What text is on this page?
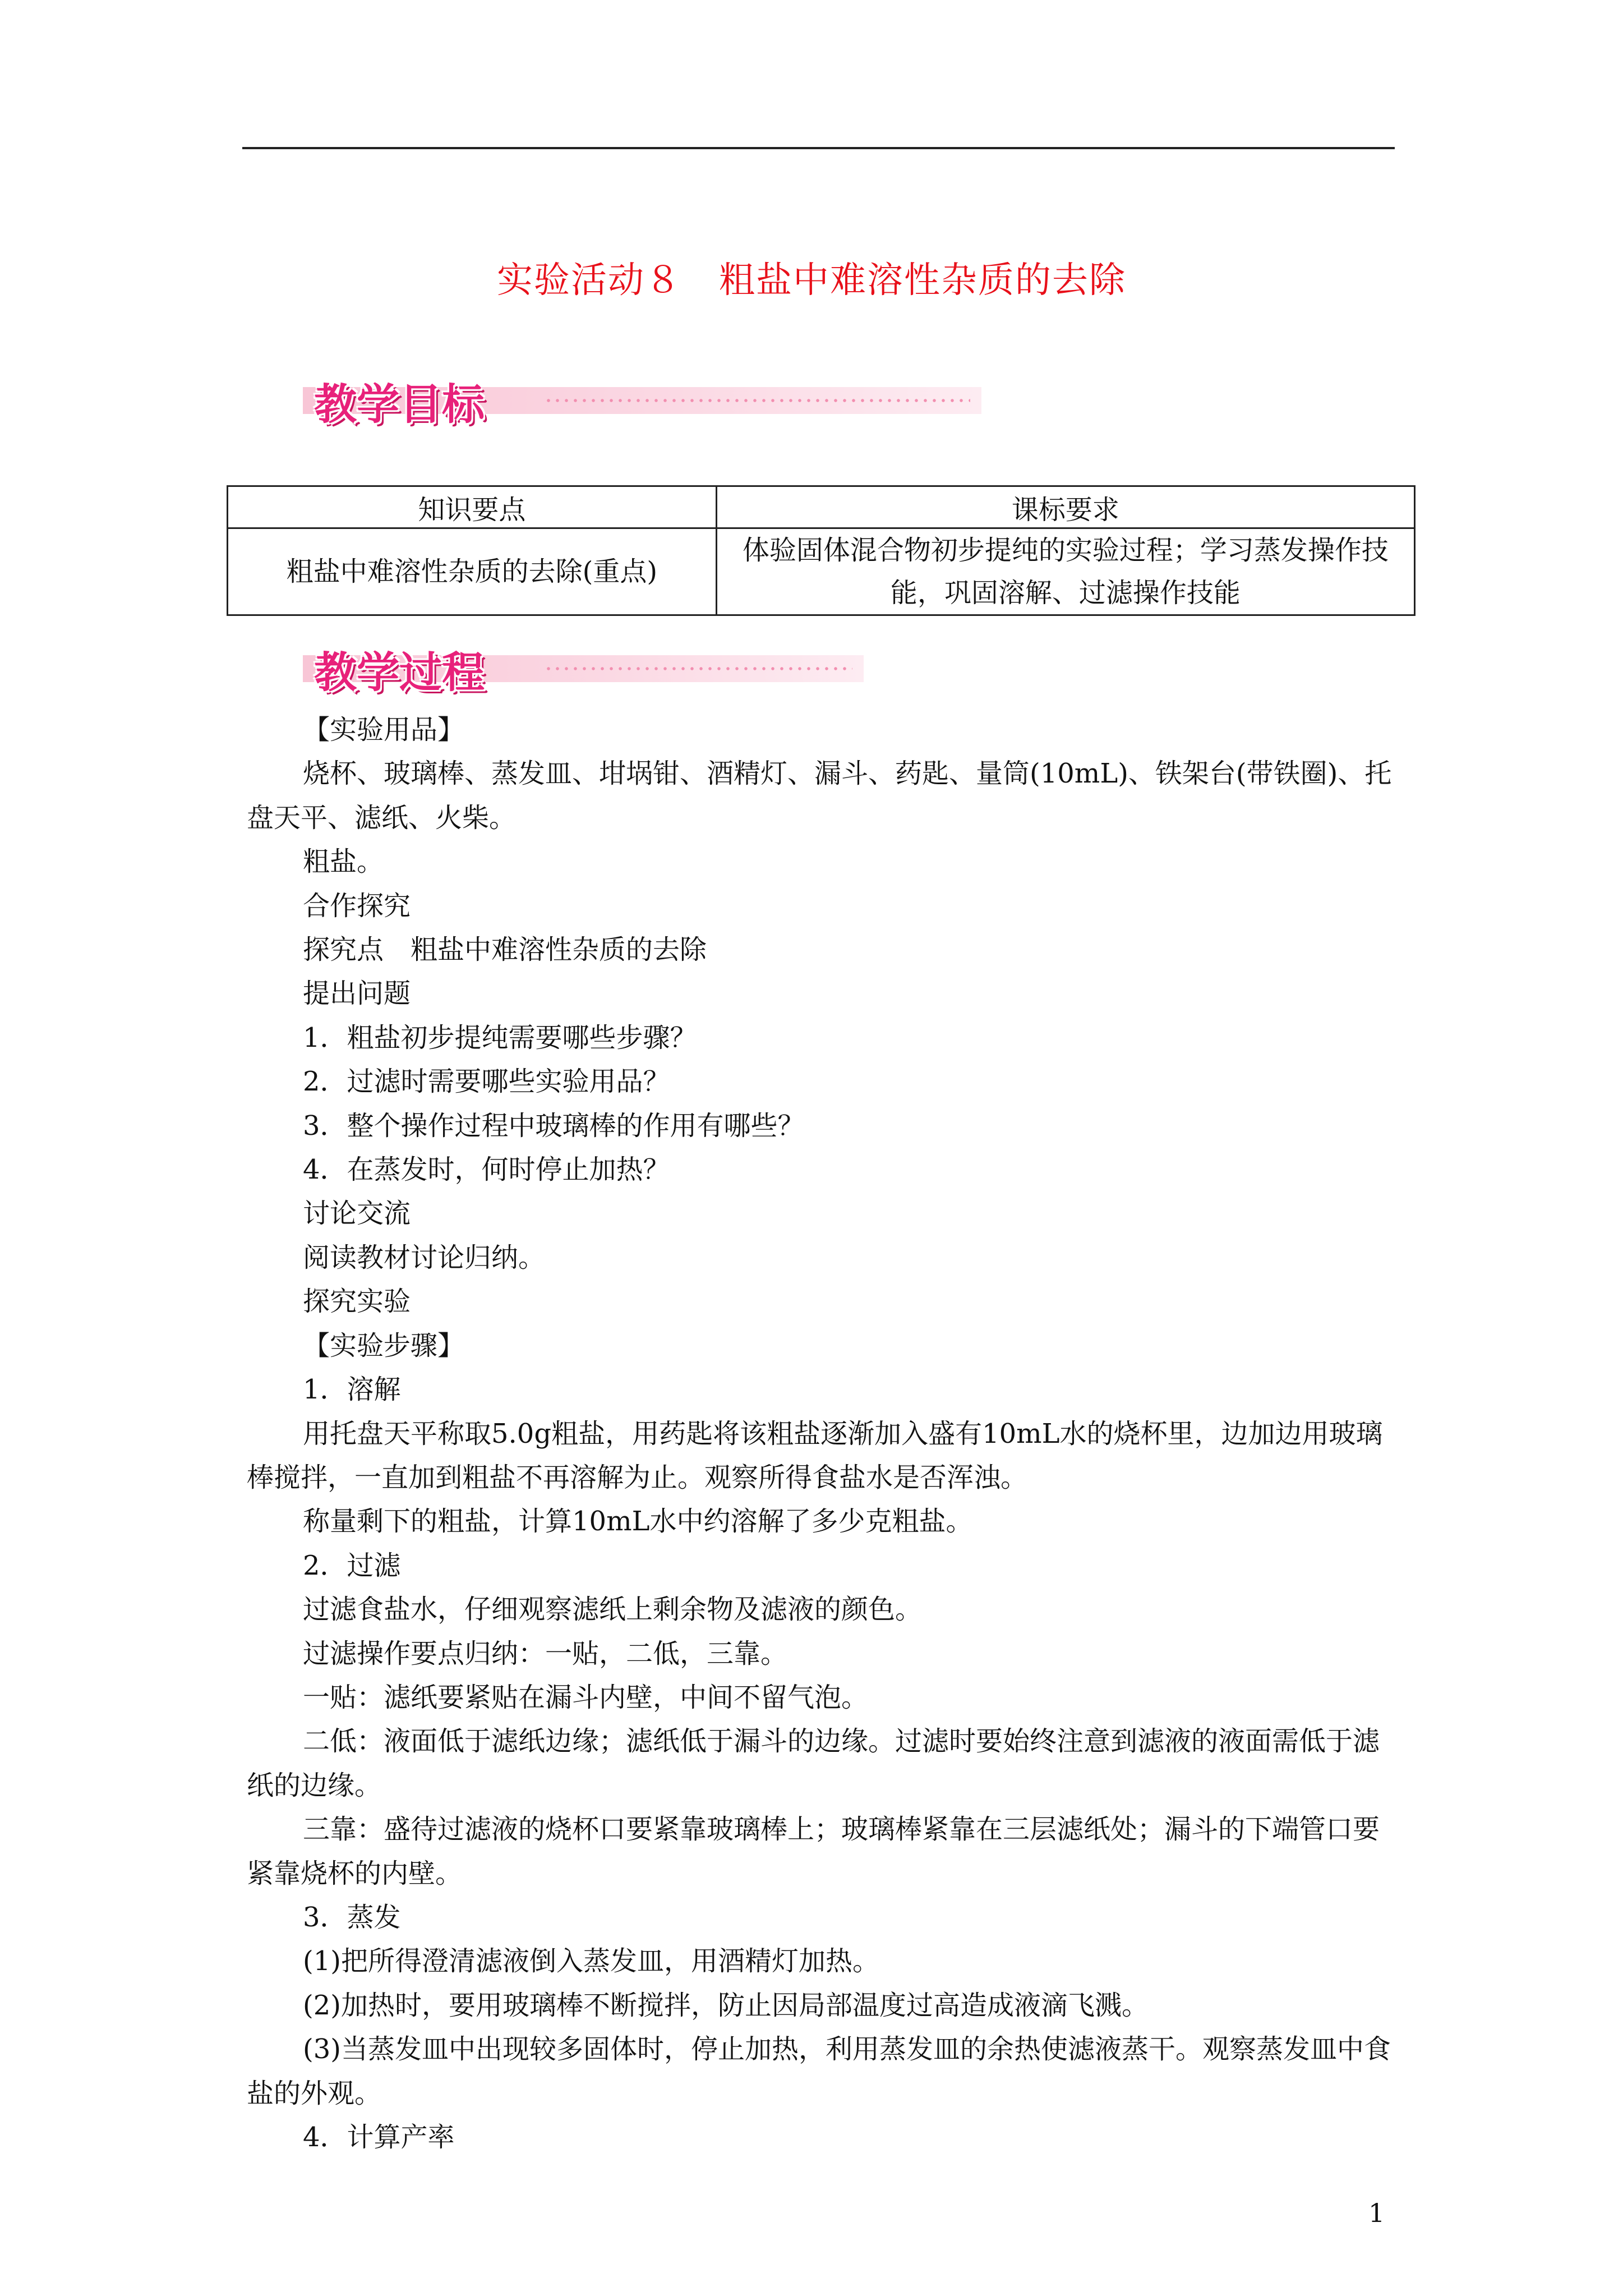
实验活动８　粗盐中难溶性杂质的去除
教学目标
知识要点	课标要求
粗盐中难溶性杂质的去除(重点)	体验固体混合物初步提纯的实验过程；学习蒸发操作技能，巩固溶解、过滤操作技能
教学过程

【实验用品】

烧杯、玻璃棒、蒸发皿、坩埚钳、酒精灯、漏斗、药匙、量筒(10mL)、铁架台(带铁圈)、托盘天平、滤纸、火柴。

粗盐。

合作探究

探究点　粗盐中难溶性杂质的去除

提出问题

1．粗盐初步提纯需要哪些步骤？

2．过滤时需要哪些实验用品？

3．整个操作过程中玻璃棒的作用有哪些？

4．在蒸发时，何时停止加热？

讨论交流

阅读教材讨论归纳。

探究实验

【实验步骤】

1．溶解

用托盘天平称取5.0g粗盐，用药匙将该粗盐逐渐加入盛有10mL水的烧杯里，边加边用玻璃棒搅拌，一直加到粗盐不再溶解为止。观察所得食盐水是否浑浊。

称量剩下的粗盐，计算10mL水中约溶解了多少克粗盐。

2．过滤

过滤食盐水，仔细观察滤纸上剩余物及滤液的颜色。

过滤操作要点归纳：一贴，二低，三靠。

一贴：滤纸要紧贴在漏斗内壁，中间不留气泡。

二低：液面低于滤纸边缘；滤纸低于漏斗的边缘。过滤时要始终注意到滤液的液面需低于滤纸的边缘。

三靠：盛待过滤液的烧杯口要紧靠玻璃棒上；玻璃棒紧靠在三层滤纸处；漏斗的下端管口要紧靠烧杯的内壁。

3．蒸发

(1)把所得澄清滤液倒入蒸发皿，用酒精灯加热。

(2)加热时，要用玻璃棒不断搅拌，防止因局部温度过高造成液滴飞溅。

(3)当蒸发皿中出现较多固体时，停止加热，利用蒸发皿的余热使滤液蒸干。观察蒸发皿中食盐的外观。

4．计算产率

1
